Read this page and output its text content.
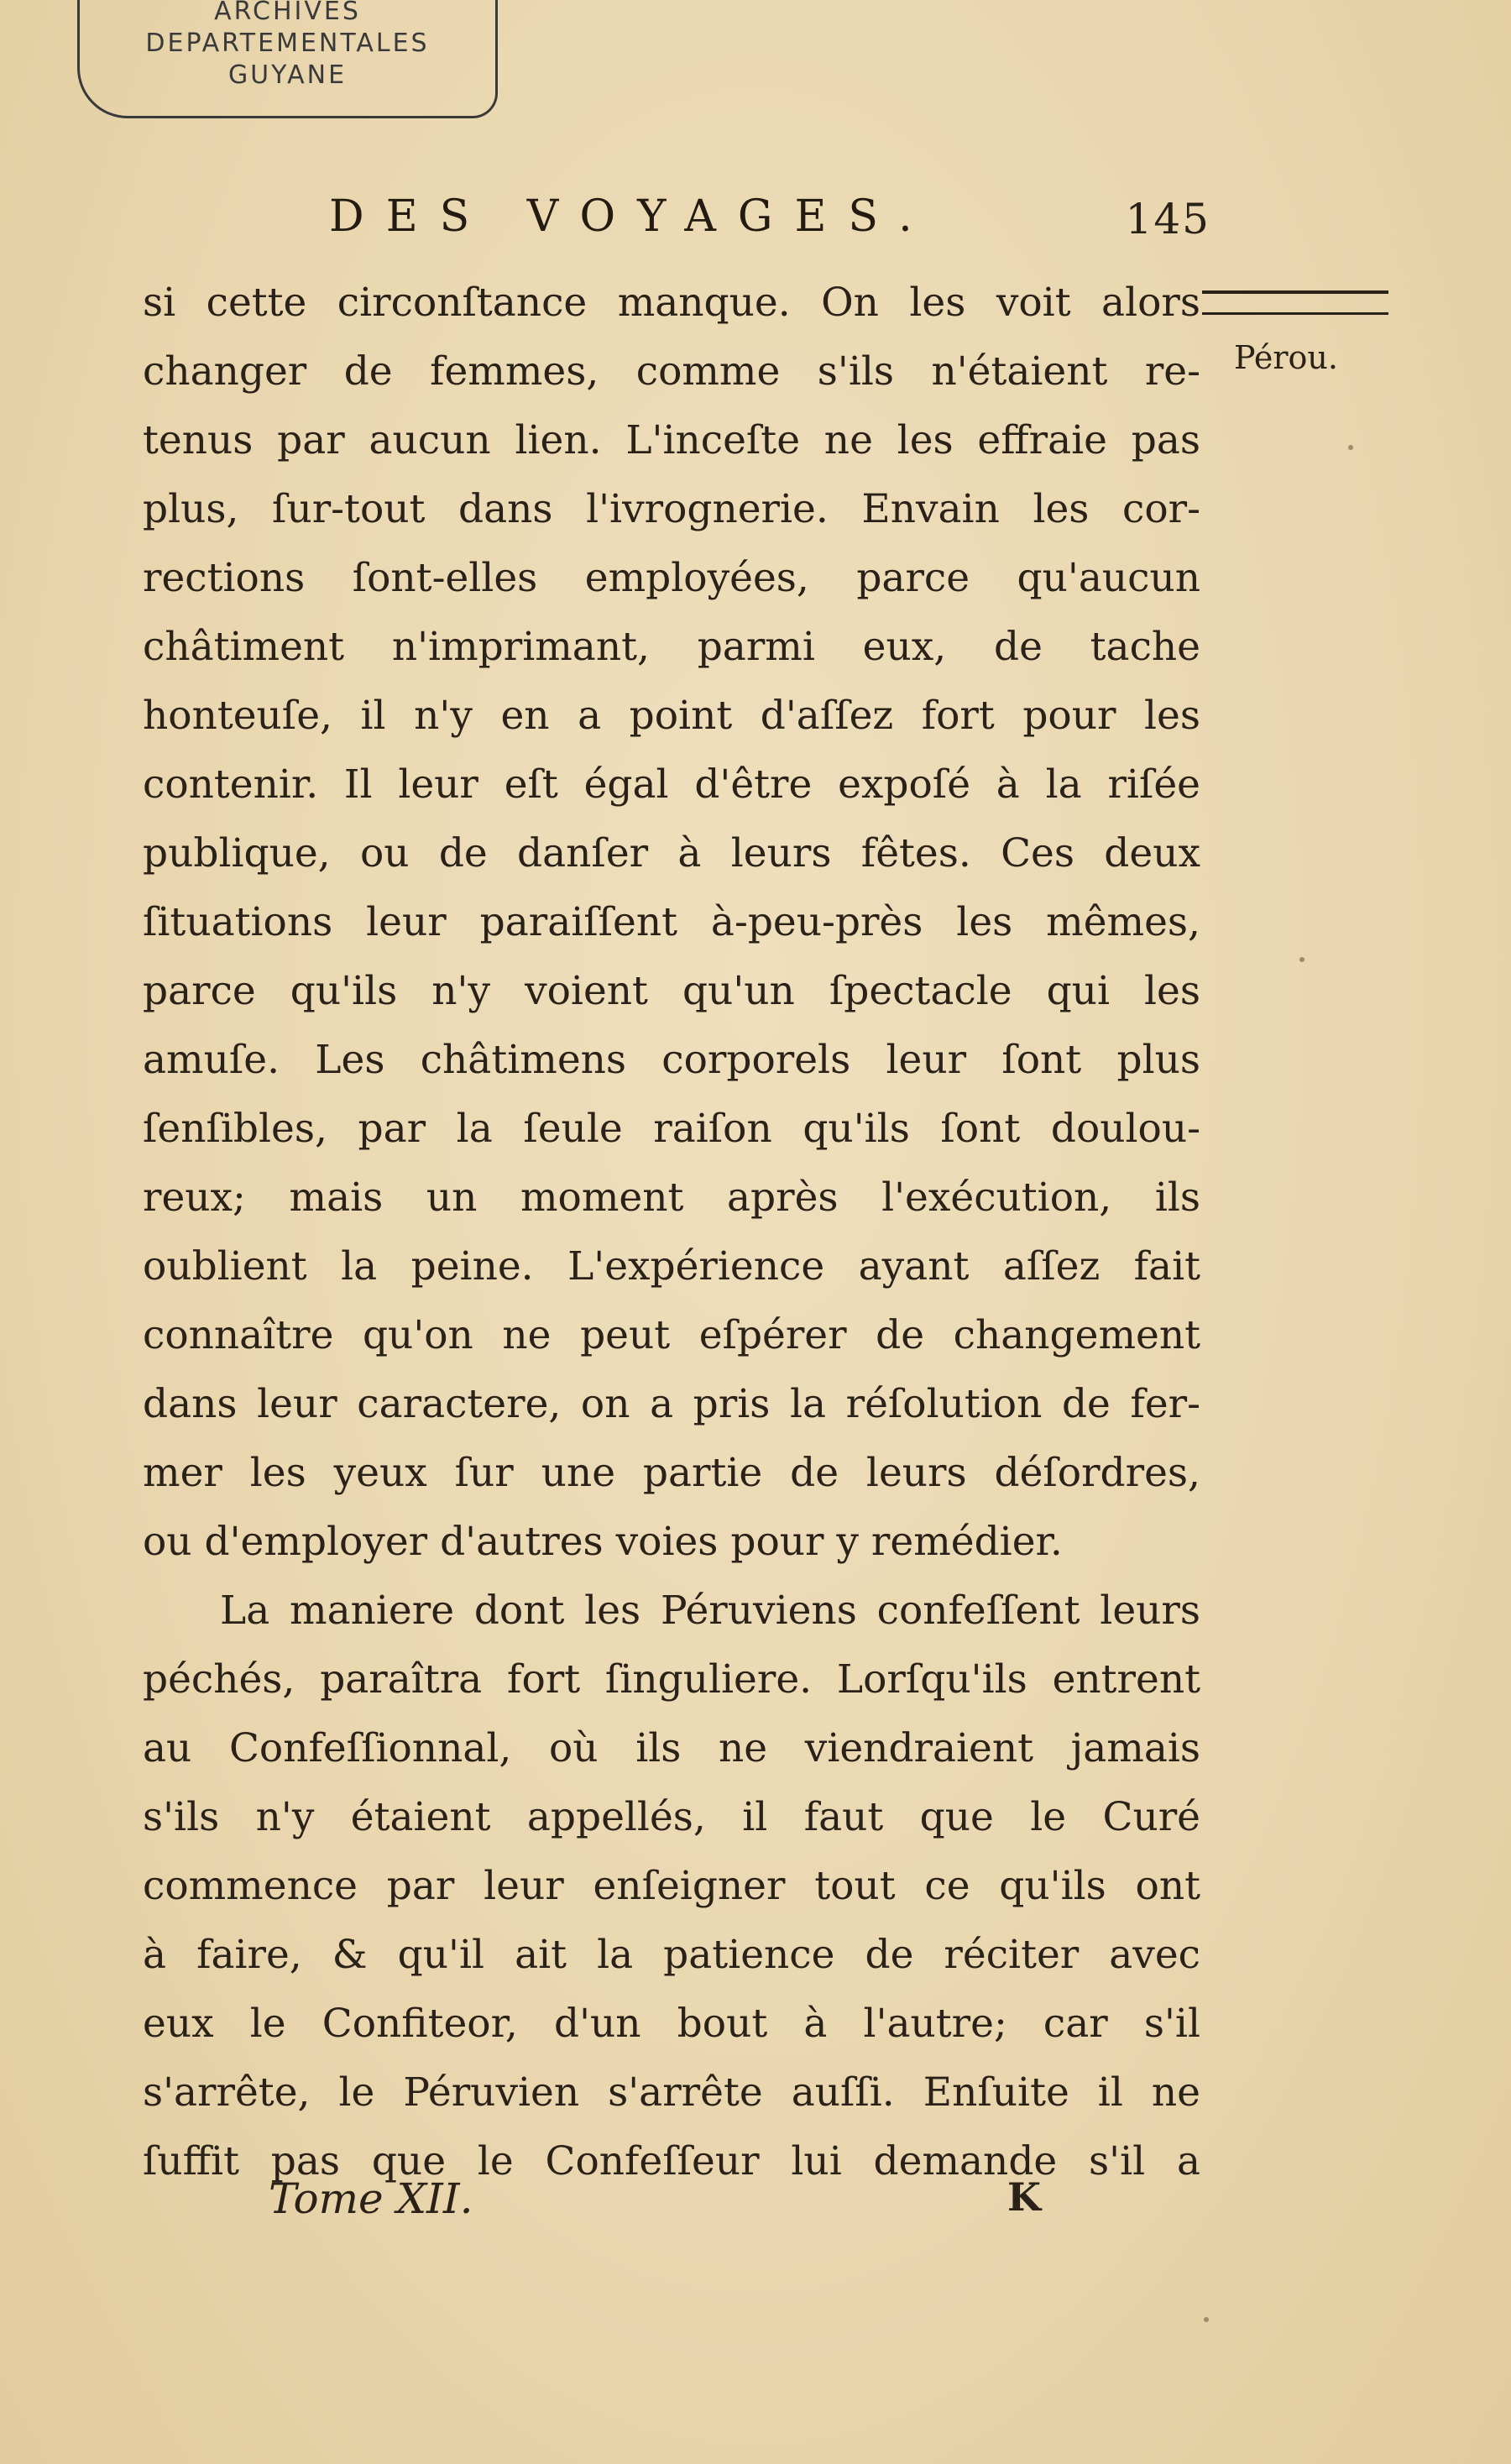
ARCHIVES
DEPARTEMENTALES
GUYANE
DES VOYAGES.	145
Pérou.
si cette circonſtance manque. On les voit alors
changer de femmes, comme s'ils n'étaient re-
tenus par aucun lien. L'inceſte ne les effraie pas
plus, ſur-tout dans l'ivrognerie. Envain les cor-
rections ſont-elles employées, parce qu'aucun
châtiment n'imprimant, parmi eux, de tache
honteuſe, il n'y en a point d'aſſez fort pour les
contenir. Il leur eſt égal d'être expoſé à la riſée
publique, ou de danſer à leurs fêtes. Ces deux
ſituations leur paraiſſent à-peu-près les mêmes,
parce qu'ils n'y voient qu'un ſpectacle qui les
amuſe. Les châtimens corporels leur ſont plus
ſenſibles, par la ſeule raiſon qu'ils ſont doulou-
reux; mais un moment après l'exécution, ils
oublient la peine. L'expérience ayant aſſez fait
connaître qu'on ne peut eſpérer de changement
dans leur caractere, on a pris la réſolution de fer-
mer les yeux ſur une partie de leurs déſordres,
ou d'employer d'autres voies pour y remédier.
La maniere dont les Péruviens confeſſent leurs
péchés, paraîtra fort ſinguliere. Lorſqu'ils entrent
au Confeſſionnal, où ils ne viendraient jamais
s'ils n'y étaient appellés, il faut que le Curé
commence par leur enſeigner tout ce qu'ils ont
à faire, & qu'il ait la patience de réciter avec
eux le Confiteor, d'un bout à l'autre; car s'il
s'arrête, le Péruvien s'arrête auſſi. Enſuite il ne
ſuffit pas que le Confeſſeur lui demande s'il a
Tome XII.	K
